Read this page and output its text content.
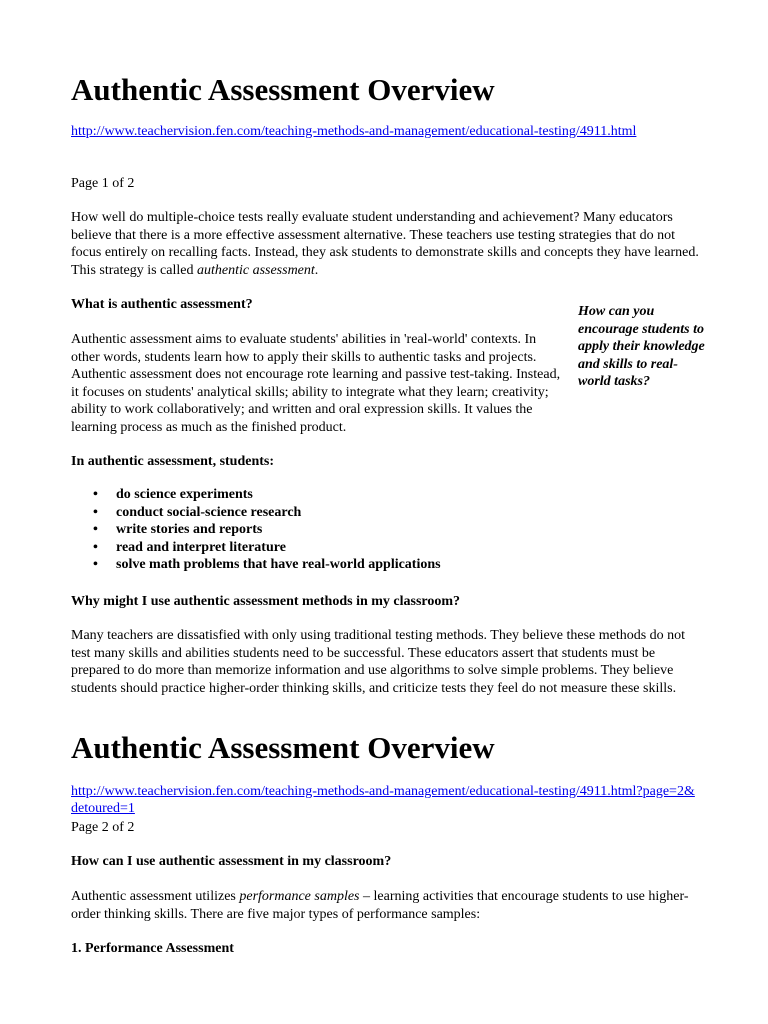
Authentic Assessment Overview
http://www.teachervision.fen.com/teaching-methods-and-management/educational-testing/4911.html
Page 1 of 2
How well do multiple-choice tests really evaluate student understanding and achievement? Many educators believe that there is a more effective assessment alternative. These teachers use testing strategies that do not focus entirely on recalling facts. Instead, they ask students to demonstrate skills and concepts they have learned. This strategy is called authentic assessment.
What is authentic assessment?
Authentic assessment aims to evaluate students' abilities in 'real-world' contexts. In other words, students learn how to apply their skills to authentic tasks and projects. Authentic assessment does not encourage rote learning and passive test-taking. Instead, it focuses on students' analytical skills; ability to integrate what they learn; creativity; ability to work collaboratively; and written and oral expression skills. It values the learning process as much as the finished product.
In authentic assessment, students:
• do science experiments
• conduct social-science research
• write stories and reports
• read and interpret literature
• solve math problems that have real-world applications
Why might I use authentic assessment methods in my classroom?
Many teachers are dissatisfied with only using traditional testing methods. They believe these methods do not test many skills and abilities students need to be successful. These educators assert that students must be prepared to do more than memorize information and use algorithms to solve simple problems. They believe students should practice higher-order thinking skills, and criticize tests they feel do not measure these skills.
Authentic Assessment Overview
http://www.teachervision.fen.com/teaching-methods-and-management/educational-testing/4911.html?page=2&detoured=1
Page 2 of 2
How can I use authentic assessment in my classroom?
Authentic assessment utilizes performance samples – learning activities that encourage students to use higher-order thinking skills. There are five major types of performance samples:
1. Performance Assessment
How can you encourage students to apply their knowledge and skills to real-world tasks?
